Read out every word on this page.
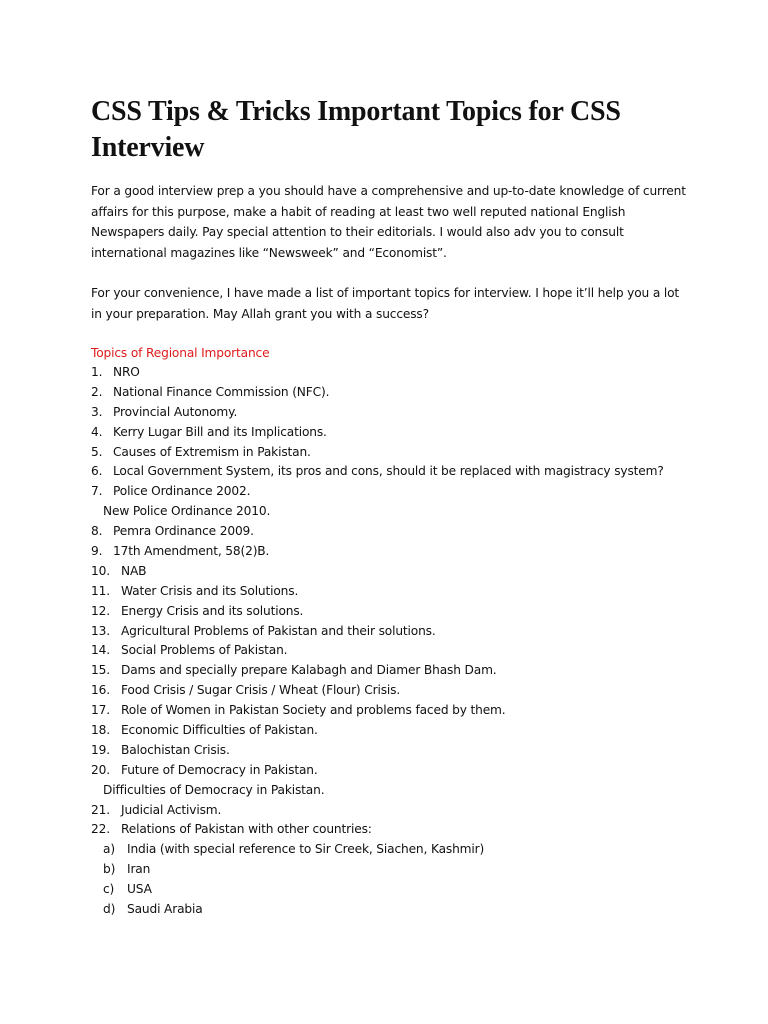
CSS Tips & Tricks Important Topics for CSS Interview

For a good interview prep a you should have a comprehensive and up-to-date knowledge of current affairs for this purpose, make a habit of reading at least two well reputed national English Newspapers daily. Pay special attention to their editorials. I would also adv you to consult international magazines like “Newsweek” and “Economist”.

For your convenience, I have made a list of important topics for interview. I hope it’ll help you a lot in your preparation. May Allah grant you with a success?

Topics of Regional Importance
1. NRO
2. National Finance Commission (NFC).
3. Provincial Autonomy.
4. Kerry Lugar Bill and its Implications.
5. Causes of Extremism in Pakistan.
6. Local Government System, its pros and cons, should it be replaced with magistracy system?
7. Police Ordinance 2002.
New Police Ordinance 2010.
8. Pemra Ordinance 2009.
9. 17th Amendment, 58(2)B.
10. NAB
11. Water Crisis and its Solutions.
12. Energy Crisis and its solutions.
13. Agricultural Problems of Pakistan and their solutions.
14. Social Problems of Pakistan.
15. Dams and specially prepare Kalabagh and Diamer Bhash Dam.
16. Food Crisis / Sugar Crisis / Wheat (Flour) Crisis.
17. Role of Women in Pakistan Society and problems faced by them.
18. Economic Difficulties of Pakistan.
19. Balochistan Crisis.
20. Future of Democracy in Pakistan.
Difficulties of Democracy in Pakistan.
21. Judicial Activism.
22. Relations of Pakistan with other countries:
a) India (with special reference to Sir Creek, Siachen, Kashmir)
b) Iran
c) USA
d) Saudi Arabia
